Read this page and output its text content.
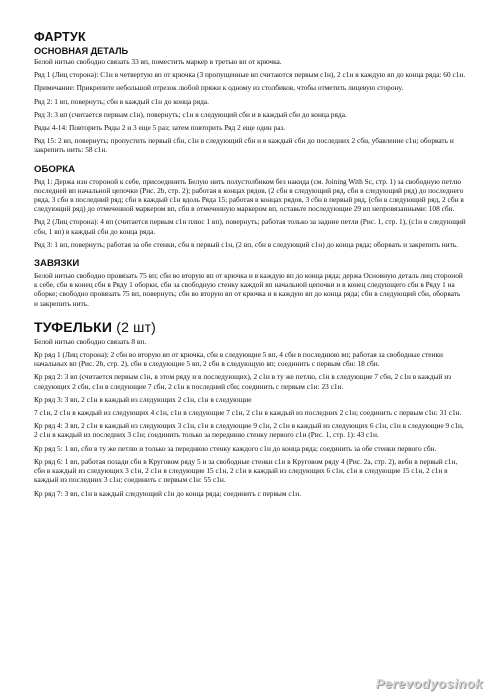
ФАРТУК
ОСНОВНАЯ ДЕТАЛЬ

Белой нитью свободно связать 33 вп, поместить маркер в третью вп от крючка.

Ряд 1 (Лиц сторона): С1н в четвертую вп от крючка (3 пропущенные вп считаются первым с1н), 2 с1н в каждую вп до конца ряда: 60 с1н.

Примечание: Прикрепите небольшой отрезок любой пряжи к одному из столбиков, чтобы отметить лицевую сторону.

Ряд 2: 1 вп, повернуть; сбн в каждый с1н до конца ряда.

Ряд 3: 3 вп (считается первым с1н), повернуть; с1н в следующий сбн и в каждый сбн до конца ряда.

Ряды 4-14: Повторить Ряды 2 и 3 еще 5 раз; затем повторить Ряд 2 еще один раз.

Ряд 15: 2 вп, повернуть; пропустить первый сбн, с1н в следующий сбн и в каждый сбн до последних 2 сбн, убавление с1н; оборвать и закрепить нить: 58 с1н.

ОБОРКА

Ряд 1: Держа изн стороной к себе, присоединить Белую нить полустолбиком без накида (см. Joining With Sc, стр. 1) за свободную петлю последней вп начальной цепочки (Рис. 2b, стр. 2); работая в концах рядов, (2 сбн в следующий ряд, сбн в следующий ряд) до последнего ряда, 3 сбн в последний ряд; сбн в каждый с1н вдоль Ряда 15; работая в концах рядов, 3 сбн в первый ряд, (сбн в следующий ряд, 2 сбн в следующий ряд) до отмеченной маркером вп, сбн в отмеченную маркером вп, оставьте последующие 29 вп непровязанными: 108 сбн.

Ряд 2 (Лиц сторона): 4 вп (считается первым с1н плюс 1 вп), повернуть; работая только за задние петли (Рис. 1, стр. 1), (с1н в следующий сбн, 1 вп) в каждый сбн до конца ряда.

Ряд 3: 1 вп, повернуть; работая за обе стенки, сбн в первый с1н, (2 вп, сбн в следующий с1н) до конца ряда; оборвать и закрепить нить.

ЗАВЯЗКИ

Белой нитью свободно провязать 75 вп; сбн во вторую вп от крючка и в каждую вп до конца ряда; держа Основную деталь лиц стороной к себе, сбн в конец сбн в Ряду 1 оборки, сбн за свободную стенку каждой вп начальной цепочки и в конец следующего сбн в Ряду 1 на оборке; свободно провязать 75 вп, повернуть; сбн во вторую вп от крючка и в каждую вп до конца ряда; сбн в следующий сбн, оборвать и закрепить нить.

ТУФЕЛЬКИ (2 шт)

Белой нитью свободно связать 8 вп.

Кр ряд 1 (Лиц сторона): 2 сбн во вторую вп от крючка, сбн в следующие 5 вп, 4 сбн в последнюю вп; работая за свободные стенки начальных вп (Рис. 2b, стр. 2), сбн в следующие 5 вп, 2 сбн в следующую вп; соединить с первым сбн: 18 сбн.

Кр ряд 2: 3 вп (считается первым с1н, в этом ряду и в последующих), 2 с1н в ту же петлю, с1н в следующие 7 сбн, 2 с1н в каждый из следующих 2 сбн, с1н в следующие 7 сбн, 2 с1н в последний сбн; соединить с первым с1н: 23 с1н.

Кр ряд 3: 3 вп, 2 с1н в каждый из следующих 2 с1н, с1н в следующие

7 с1н, 2 с1н в каждый из следующих 4 с1н, с1н в следующие 7 с1н, 2 с1н в каждый из последних 2 с1н; соединить с первым с1н: 31 с1н.

Кр ряд 4: 3 вп, 2 с1н в каждый из следующих 3 с1н, с1н в следующие 9 с1н, 2 с1н в каждый из следующих 6 с1н, с1н в следующие 9 с1н, 2 с1н в каждый из последних 3 с1н; соединить только за переднюю стенку первого с1н (Рис. 1, стр. 1): 43 с1н.

Кр ряд 5: 1 вп, сбн в ту же петлю и только за переднюю стенку каждого с1н до конца ряда; соединить за обе стенки первого сбн.

Кр ряд 6: 1 вп, работая позади сбн в Круговом ряду 5 и за свободные стенки с1н в Круговом ряду 4 (Рис. 2a, стр. 2), вебн в первый с1н, сбн в каждый из следующих 3 с1н, 2 с1н в следующие 15 с1н, 2 с1н в каждый из следующих 6 с1н, с1н в следующие 15 с1н, 2 с1н в каждый из последних 3 с1н; соединить с первым с1н: 55 с1н.

Кр ряд 7: 3 вп, с1н в каждый следующий с1н до конца ряда; соединить с первым с1н.

Perevodyosinok
